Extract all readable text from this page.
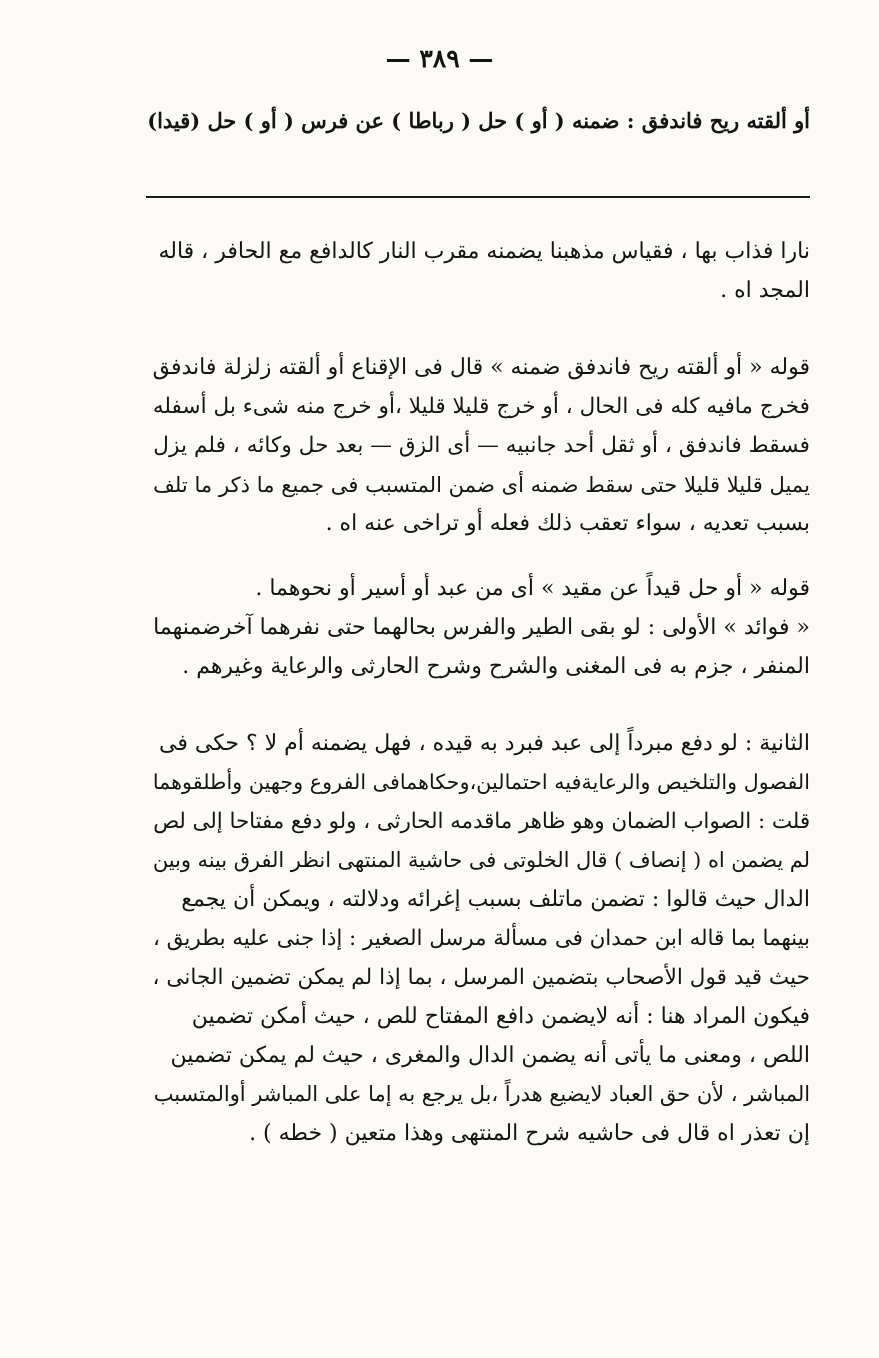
— ٣٨٩ —
أو ألقته ريح فاندفق : ضمنه ( أو ) حل ( رباطا ) عن فرس ( أو ) حل (قيدا)
نارا فذاب بها ، فقياس مذهبنا يضمنه مقرب النار كالدافع مع الحافر ، قاله
المجد اه .
قوله « أو ألقته ريح فاندفق ضمنه » قال فى الإقناع أو ألقته زلزلة فاندفق
فخرج مافيه كله فى الحال ، أو خرج قليلا قليلا ،أو خرج منه شىء بل أسفله
فسقط فاندفق ، أو ثقل أحد جانبيه — أى الزق — بعد حل وكائه ، فلم يزل
يميل قليلا قليلا حتى سقط ضمنه أى ضمن المتسبب فى جميع ما ذكر ما تلف
بسبب تعديه ، سواء تعقب ذلك فعله أو تراخى عنه اه .
قوله « أو حل قيداً عن مقيد » أى من عبد أو أسير أو نحوهما .
« فوائد » الأولى : لو بقى الطير والفرس بحالهما حتى نفرهما آخرضمنهما
المنفر ، جزم به فى المغنى والشرح وشرح الحارثى والرعاية وغيرهم .
الثانية : لو دفع مبرداً إلى عبد فبرد به قيده ، فهل يضمنه أم لا ؟ حكى فى
الفصول والتلخيص والرعايةفيه احتمالين،وحكاهمافى الفروع وجهين وأطلقوهما
قلت : الصواب الضمان وهو ظاهر ماقدمه الحارثى ، ولو دفع مفتاحا إلى لص
لم يضمن اه ( إنصاف ) قال الخلوتى فى حاشية المنتهى انظر الفرق بينه وبين
الدال حيث قالوا : تضمن ماتلف بسبب إغرائه ودلالته ، ويمكن أن يجمع
بينهما بما قاله ابن حمدان فى مسألة مرسل الصغير : إذا جنى عليه بطريق ،
حيث قيد قول الأصحاب بتضمين المرسل ، بما إذا لم يمكن تضمين الجانى ،
فيكون المراد هنا : أنه لايضمن دافع المفتاح للص ، حيث أمكن تضمين
اللص ، ومعنى ما يأتى أنه يضمن الدال والمغرى ، حيث لم يمكن تضمين
المباشر ، لأن حق العباد لايضيع هدراً ،بل يرجع به إما على المباشر أوالمتسبب
إن تعذر اه قال فى حاشيه شرح المنتهى وهذا متعين ( خطه ) .
